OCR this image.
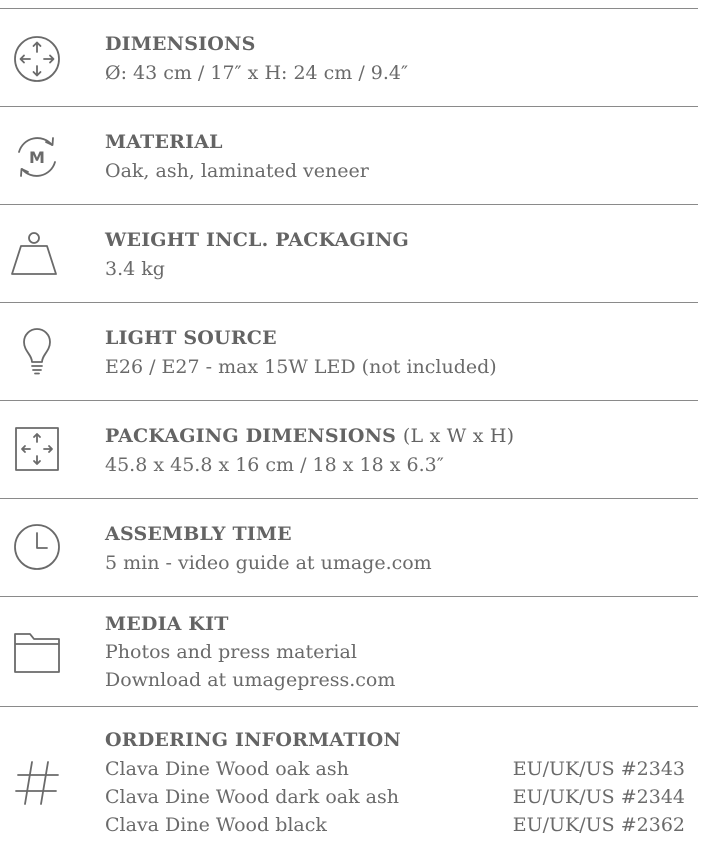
DIMENSIONS
Ø: 43 cm / 17″ x H: 24 cm / 9.4″
M
MATERIAL
Oak, ash, laminated veneer
WEIGHT INCL. PACKAGING
3.4 kg
LIGHT SOURCE
E26 / E27 - max 15W LED (not included)
PACKAGING DIMENSIONS (L x W x H)
45.8 x 45.8 x 16 cm / 18 x 18 x 6.3″
ASSEMBLY TIME
5 min - video guide at umage.com
MEDIA KIT
Photos and press material
Download at umagepress.com
ORDERING INFORMATION
Clava Dine Wood oak ash	EU/UK/US #2343
Clava Dine Wood dark oak ash	EU/UK/US #2344
Clava Dine Wood black	EU/UK/US #2362
